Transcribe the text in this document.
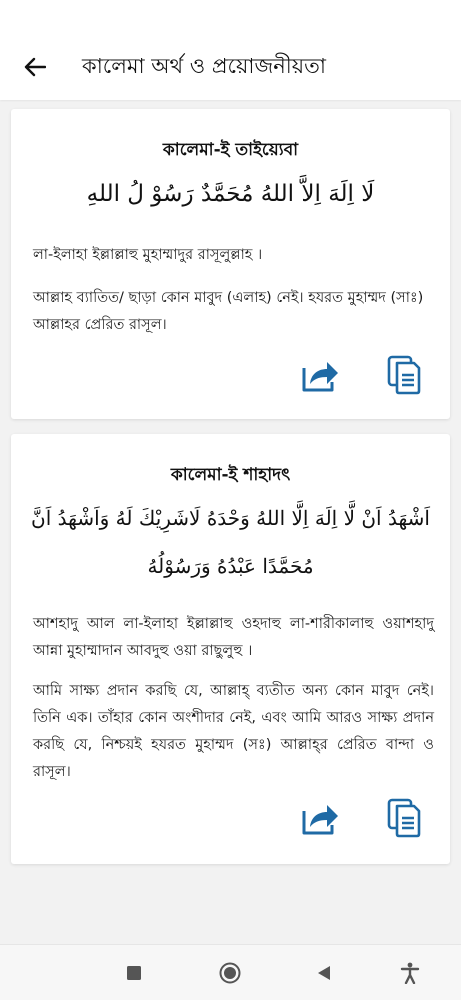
কালেমা অর্থ ও প্রয়োজনীয়তা
কালেমা-ই তাইয়্যেবা
لَا اِلَهَ اِلاَّ اللهُ مُحَمَّدٌ رَسُوْ لُ اللهِ
লা-ইলাহা ইল্লাল্লাহু মুহাম্মাদুর রাসূলুল্লাহ ।
আল্লাহ ব্যাতিত/ ছাড়া কোন মাবুদ (এলাহ) নেই। হযরত মুহাম্মদ (সাঃ) আল্লাহর প্রেরিত রাসূল।
কালেমা-ই শাহাদৎ
اَشْهَدُ اَنْ لَّا اِلَهَ اِلَّا اللهُ وَحْدَهُ لَاشَرِيْكَ لَهُ وَاَشْهَدُ اَنَّ
مُحَمَّدًا عَبْدُهُ وَرَسُوْلُهُ
আশহাদু আল লা-ইলাহা ইল্লাল্লাহু ওহদাহু লা-শারীকালাহু ওয়াশহাদু আন্না মুহাম্মাদান আবদুহু ওয়া রাছুলুহু ।
আমি সাক্ষ্য প্রদান করছি যে, আল্লাহ্‌ ব্যতীত অন্য কোন মাবুদ নেই। তিনি এক। তাঁহার কোন অংশীদার নেই, এবং আমি আরও সাক্ষ্য প্রদান করছি যে, নিশ্চয়ই হযরত মুহাম্মদ (সঃ) আল্লাহ্‌র প্রেরিত বান্দা ও রাসূল।
